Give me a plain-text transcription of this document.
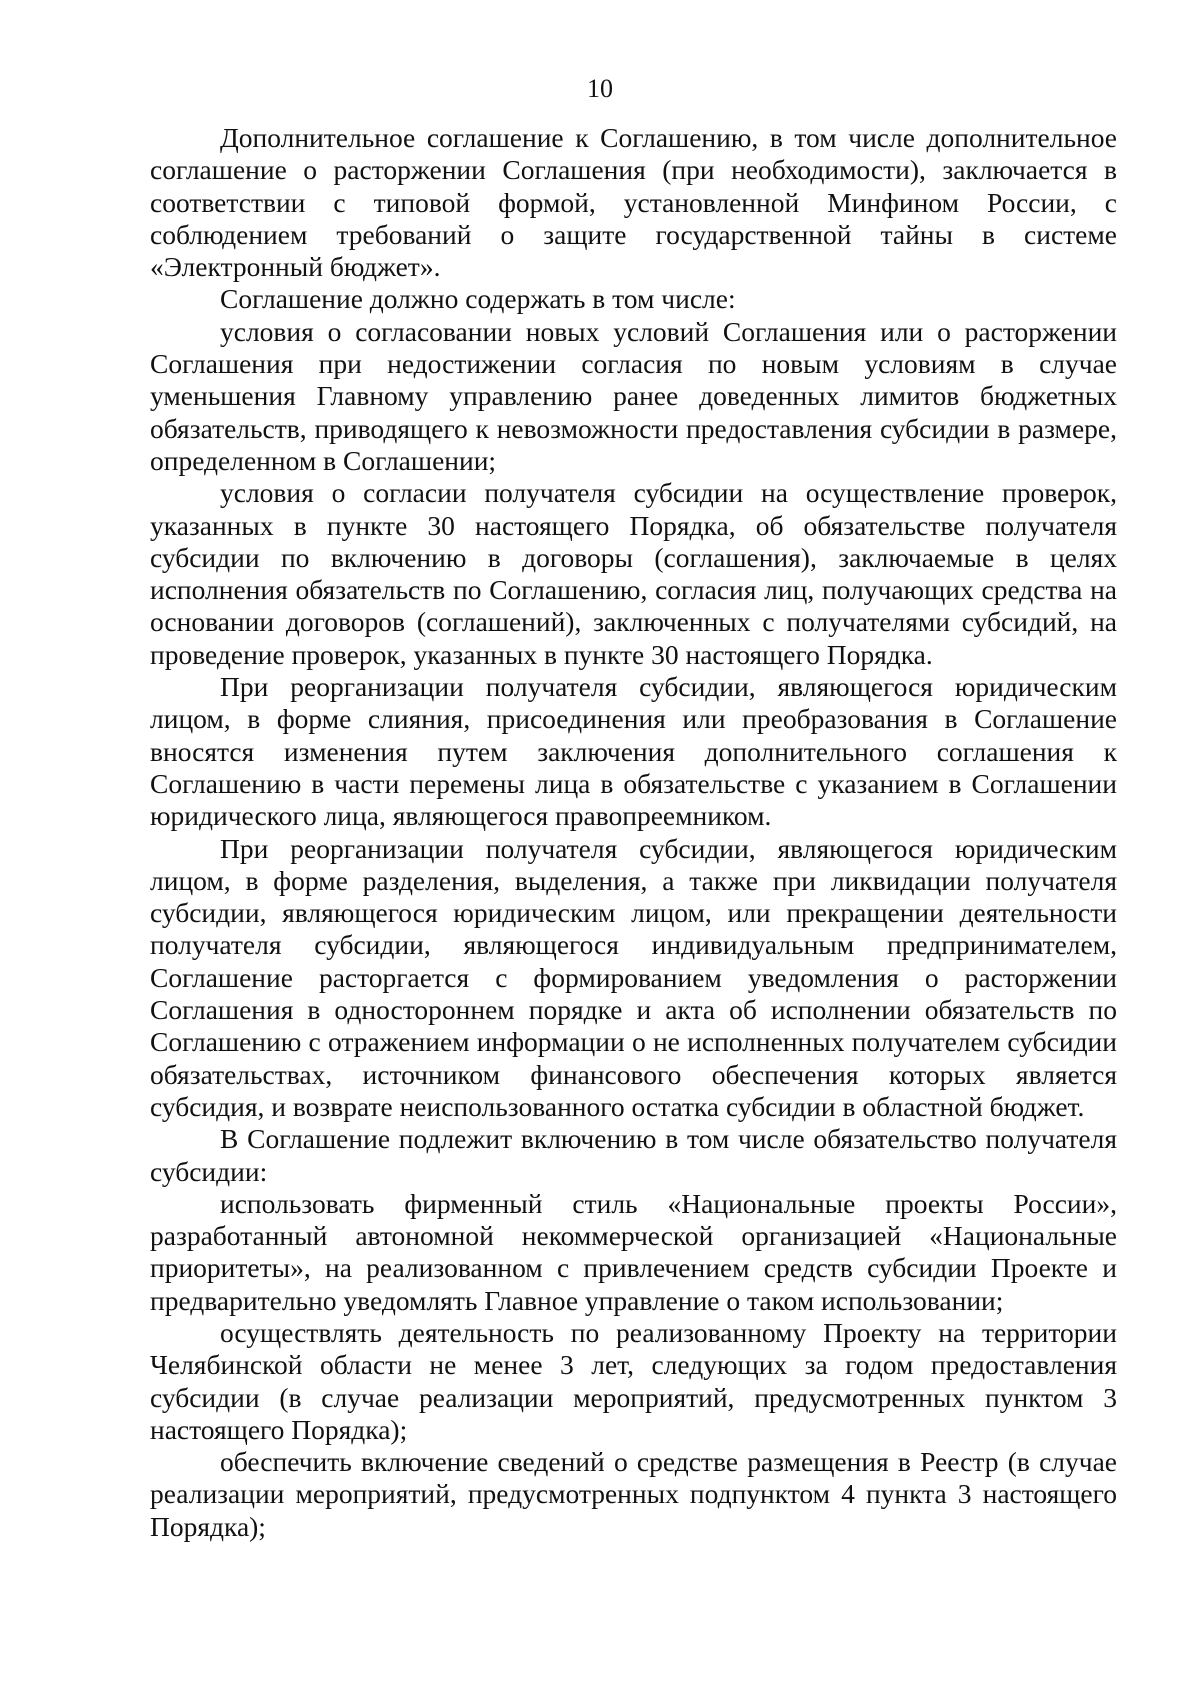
10

Дополнительное соглашение к Соглашению, в том числе дополнительное соглашение о расторжении Соглашения (при необходимости), заключается в соответствии с типовой формой, установленной Минфином России, с соблюдением требований о защите государственной тайны в системе «Электронный бюджет».

Соглашение должно содержать в том числе:

условия о согласовании новых условий Соглашения или о расторжении Соглашения при недостижении согласия по новым условиям в случае уменьшения Главному управлению ранее доведенных лимитов бюджетных обязательств, приводящего к невозможности предоставления субсидии в размере, определенном в Соглашении;

условия о согласии получателя субсидии на осуществление проверок, указанных в пункте 30 настоящего Порядка, об обязательстве получателя субсидии по включению в договоры (соглашения), заключаемые в целях исполнения обязательств по Соглашению, согласия лиц, получающих средства на основании договоров (соглашений), заключенных с получателями субсидий, на проведение проверок, указанных в пункте 30 настоящего Порядка.

При реорганизации получателя субсидии, являющегося юридическим лицом, в форме слияния, присоединения или преобразования в Соглашение вносятся изменения путем заключения дополнительного соглашения к Соглашению в части перемены лица в обязательстве с указанием в Соглашении юридического лица, являющегося правопреемником.

При реорганизации получателя субсидии, являющегося юридическим лицом, в форме разделения, выделения, а также при ликвидации получателя субсидии, являющегося юридическим лицом, или прекращении деятельности получателя субсидии, являющегося индивидуальным предпринимателем, Соглашение расторгается с формированием уведомления о расторжении Соглашения в одностороннем порядке и акта об исполнении обязательств по Соглашению с отражением информации о не исполненных получателем субсидии обязательствах, источником финансового обеспечения которых является субсидия, и возврате неиспользованного остатка субсидии в областной бюджет.

В Соглашение подлежит включению в том числе обязательство получателя субсидии:

использовать фирменный стиль «Национальные проекты России», разработанный автономной некоммерческой организацией «Национальные приоритеты», на реализованном с привлечением средств субсидии Проекте и предварительно уведомлять Главное управление о таком использовании;

осуществлять деятельность по реализованному Проекту на территории Челябинской области не менее 3 лет, следующих за годом предоставления субсидии (в случае реализации мероприятий, предусмотренных пунктом 3 настоящего Порядка);

обеспечить включение сведений о средстве размещения в Реестр (в случае реализации мероприятий, предусмотренных подпунктом 4 пункта 3 настоящего Порядка);
